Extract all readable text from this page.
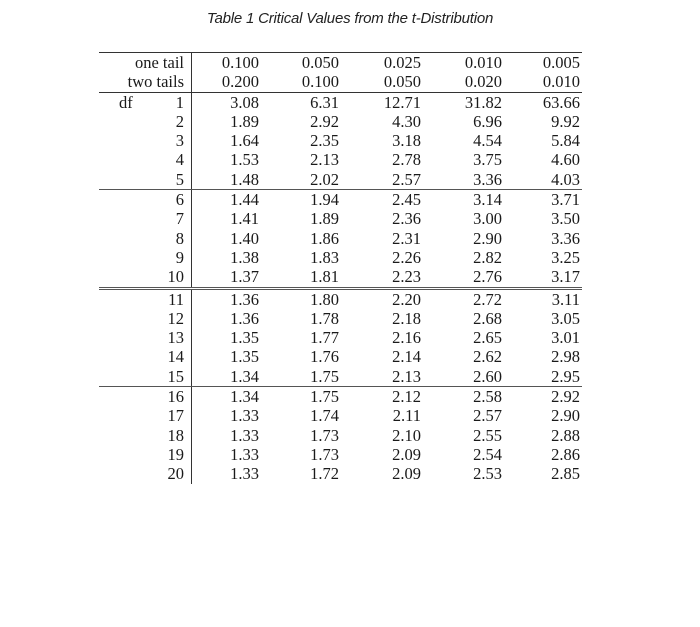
Table 1 Critical Values from the t-Distribution
one tail	0.100	0.050	0.025	0.010	0.005
two tails	0.200	0.100	0.050	0.020	0.010

df 1	3.08	6.31	12.71	31.82	63.66
2	1.89	2.92	4.30	6.96	9.92
3	1.64	2.35	3.18	4.54	5.84
4	1.53	2.13	2.78	3.75	4.60
5	1.48	2.02	2.57	3.36	4.03
6	1.44	1.94	2.45	3.14	3.71
7	1.41	1.89	2.36	3.00	3.50
8	1.40	1.86	2.31	2.90	3.36
9	1.38	1.83	2.26	2.82	3.25
10	1.37	1.81	2.23	2.76	3.17
11	1.36	1.80	2.20	2.72	3.11
12	1.36	1.78	2.18	2.68	3.05
13	1.35	1.77	2.16	2.65	3.01
14	1.35	1.76	2.14	2.62	2.98
15	1.34	1.75	2.13	2.60	2.95
16	1.34	1.75	2.12	2.58	2.92
17	1.33	1.74	2.11	2.57	2.90
18	1.33	1.73	2.10	2.55	2.88
19	1.33	1.73	2.09	2.54	2.86
20	1.33	1.72	2.09	2.53	2.85
